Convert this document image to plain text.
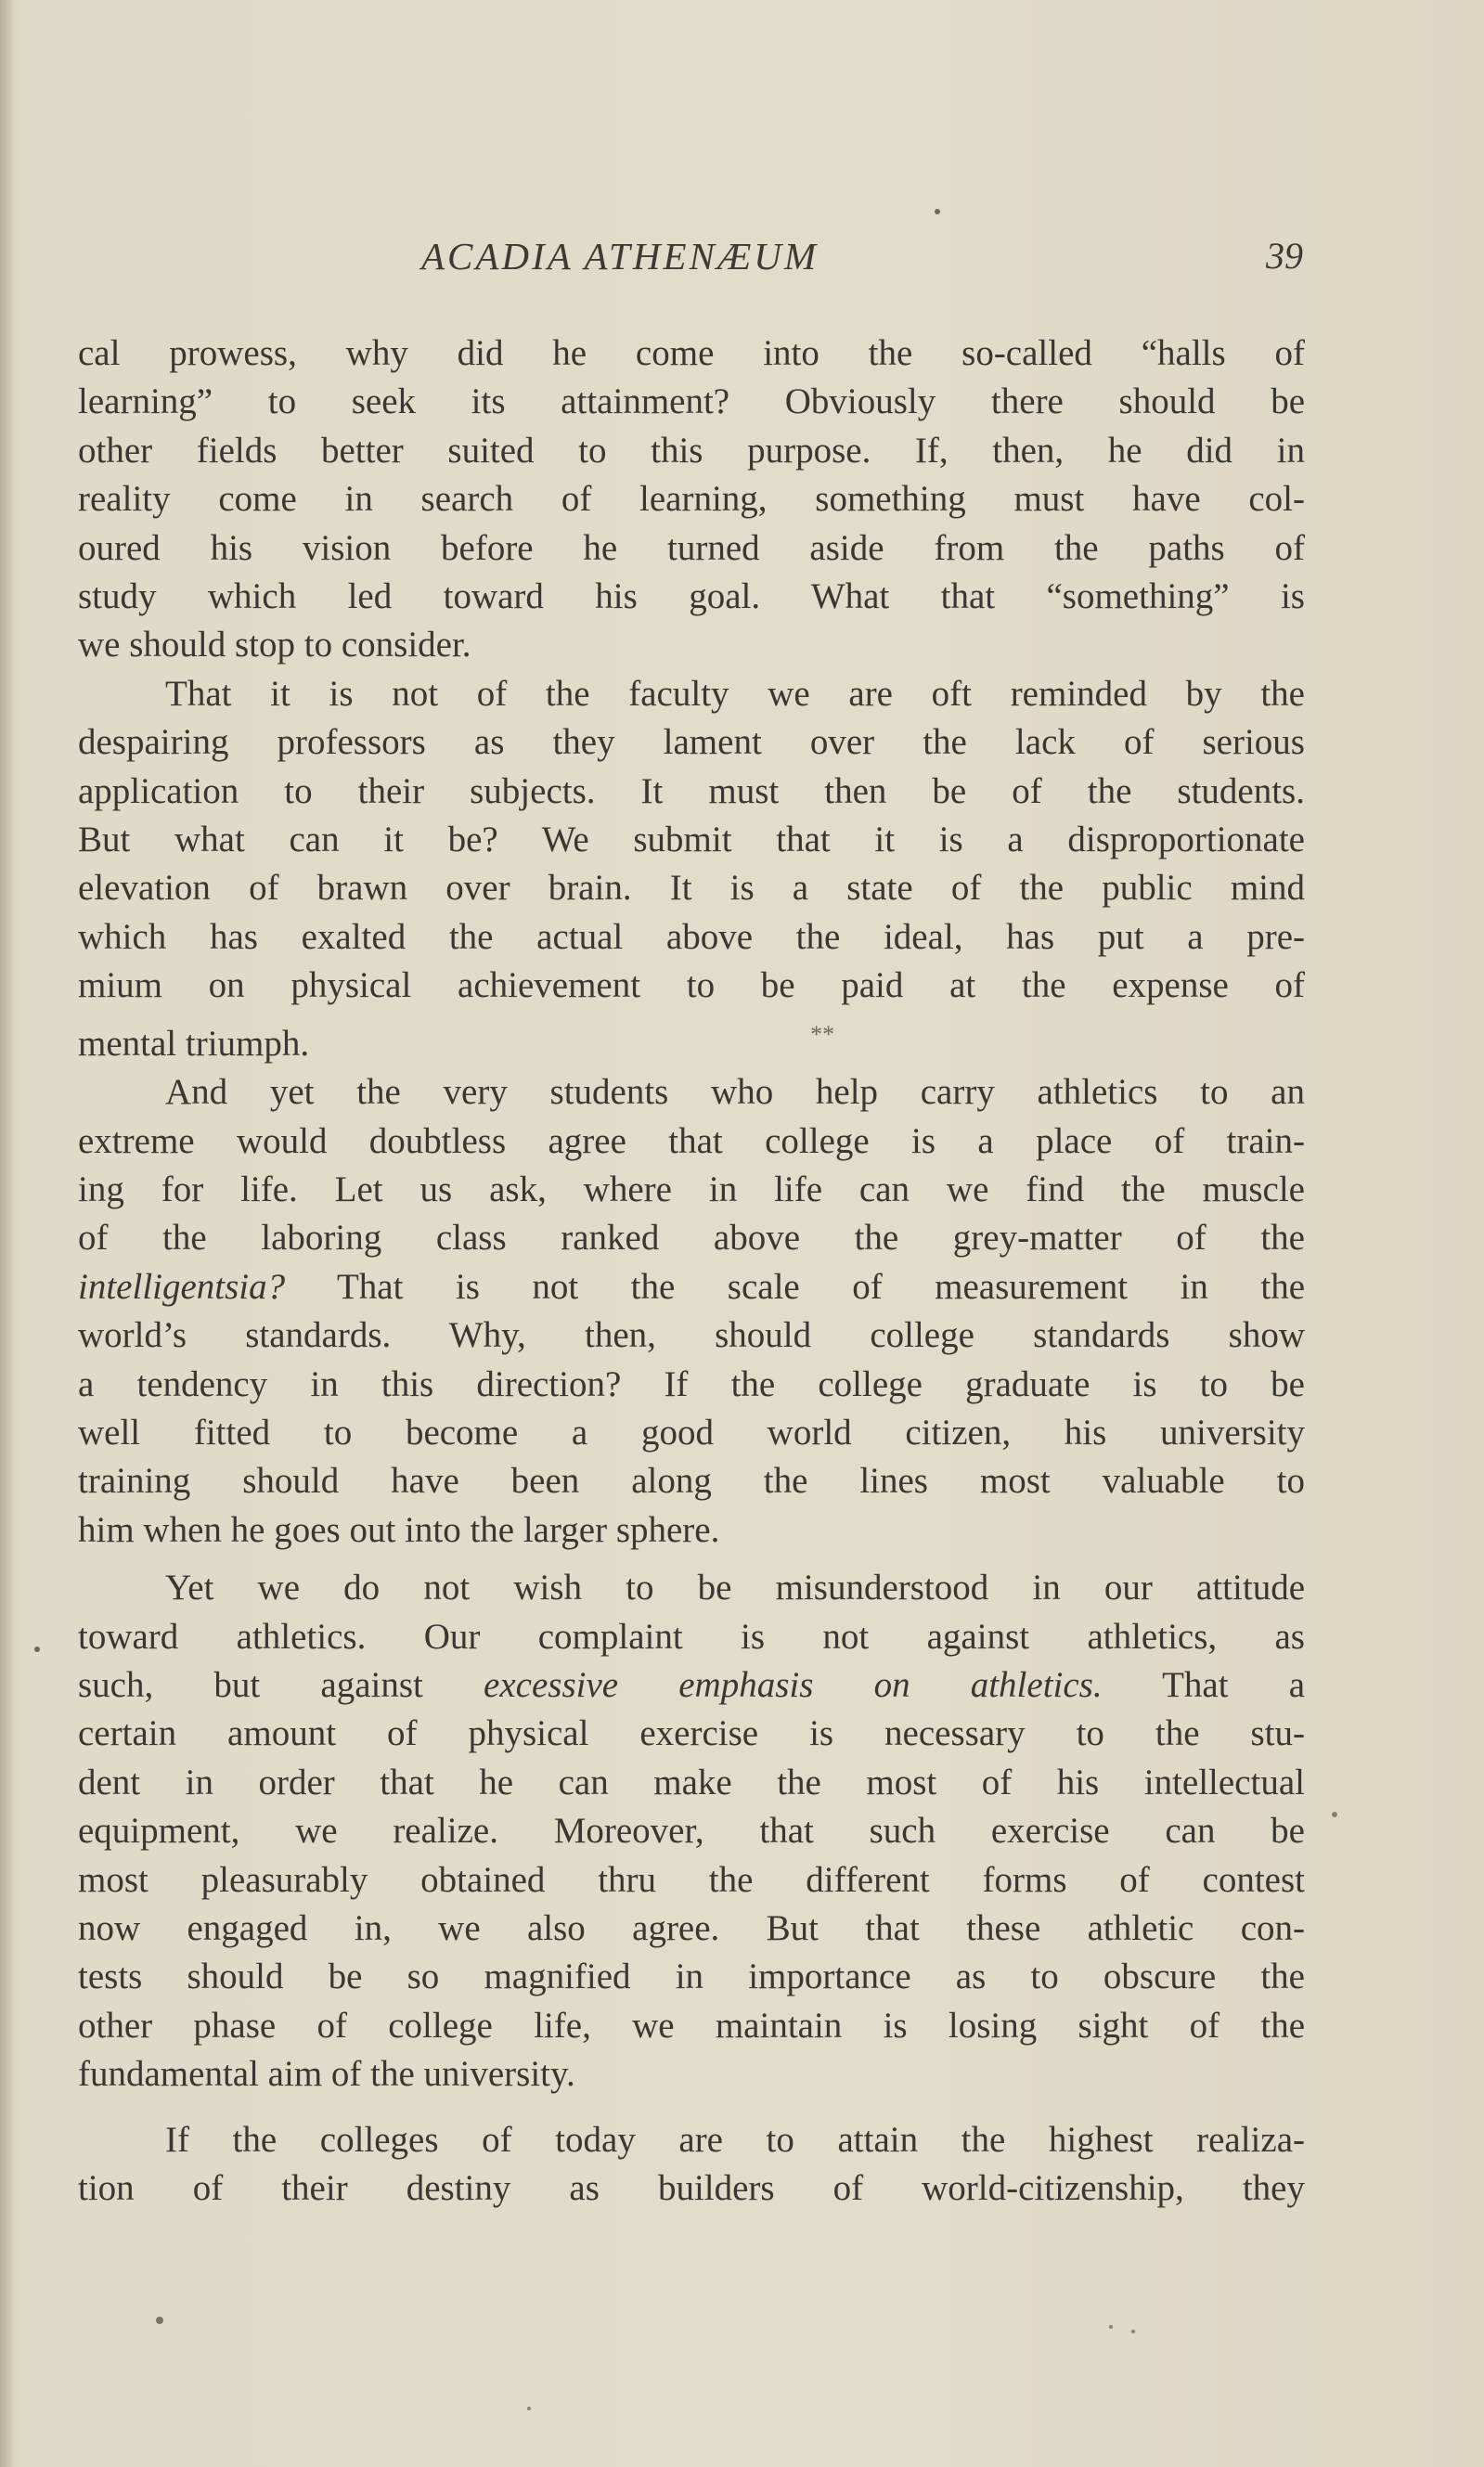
ACADIA ATHENÆUM	39

cal prowess, why did he come into the so-called “halls of
learning” to seek its attainment? Obviously there should be
other fields better suited to this purpose. If, then, he did in
reality come in search of learning, something must have col-
oured his vision before he turned aside from the paths of
study which led toward his goal. What that “something” is
we should stop to consider.

That it is not of the faculty we are oft reminded by the
despairing professors as they lament over the lack of serious
application to their subjects. It must then be of the students.
But what can it be? We submit that it is a disproportionate
elevation of brawn over brain. It is a state of the public mind
which has exalted the actual above the ideal, has put a pre-
mium on physical achievement to be paid at the expense of
mental triumph.	**

And yet the very students who help carry athletics to an
extreme would doubtless agree that college is a place of train-
ing for life. Let us ask, where in life can we find the muscle
of the laboring class ranked above the grey-matter of the
intelligentsia? That is not the scale of measurement in the
world’s standards. Why, then, should college standards show
a tendency in this direction? If the college graduate is to be
well fitted to become a good world citizen, his university
training should have been along the lines most valuable to
him when he goes out into the larger sphere.

Yet we do not wish to be misunderstood in our attitude
toward athletics. Our complaint is not against athletics, as
such, but against excessive emphasis on athletics. That a
certain amount of physical exercise is necessary to the stu-
dent in order that he can make the most of his intellectual
equipment, we realize. Moreover, that such exercise can be
most pleasurably obtained thru the different forms of contest
now engaged in, we also agree. But that these athletic con-
tests should be so magnified in importance as to obscure the
other phase of college life, we maintain is losing sight of the
fundamental aim of the university.

If the colleges of today are to attain the highest realiza-
tion of their destiny as builders of world-citizenship, they
